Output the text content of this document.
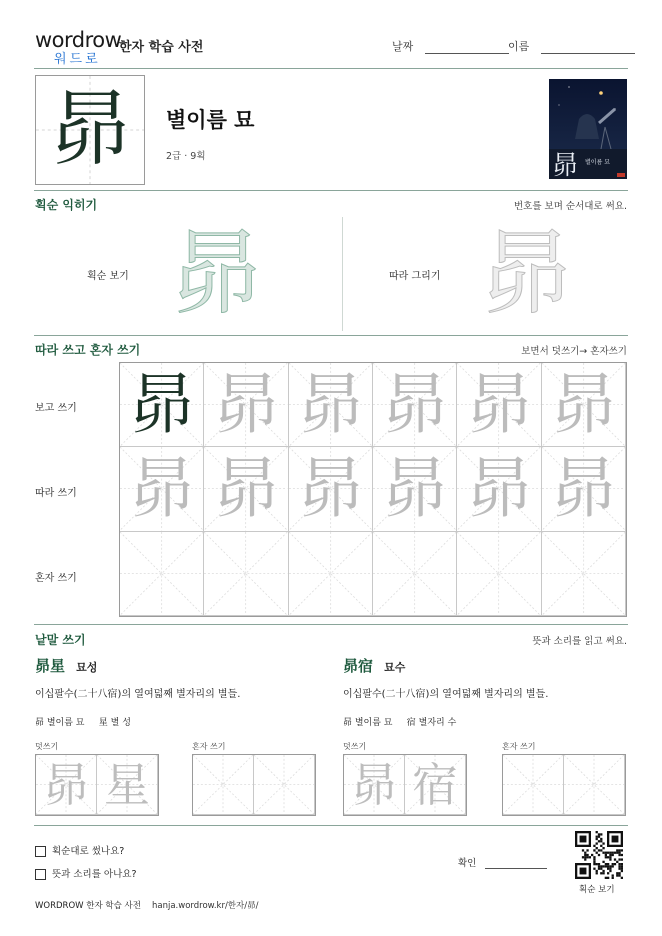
wordrow
워드로
한자 학습 사전	날짜	이름
昴	별이름 묘
2급 · 9획	昴 별이름 묘
획순 익히기	번호를 보며 순서대로 써요.
획순 보기 昴	따라 그리기 昴
따라 쓰고 혼자 쓰기	보면서 덧쓰기→ 혼자쓰기
보고 쓰기
따라 쓰기
혼자 쓰기
昴 昴 昴 昴 昴 昴
昴 昴 昴 昴 昴 昴
낱말 쓰기	뜻과 소리를 읽고 써요.
昴星 묘성
이십팔수(二十八宿)의 열여덟째 별자리의 별들.
昴 별이름 묘     星 별 성
덧쓰기	혼자 쓰기
昴 星
昴宿 묘수
이십팔수(二十八宿)의 열여덟째 별자리의 별들.
昴 별이름 묘     宿 별자리 수
덧쓰기	혼자 쓰기
昴 宿
획순대로 썼나요?
뜻과 소리를 아나요?
확인
획순 보기
WORDROW 한자 학습 사전 hanja.wordrow.kr/한자/昴/
